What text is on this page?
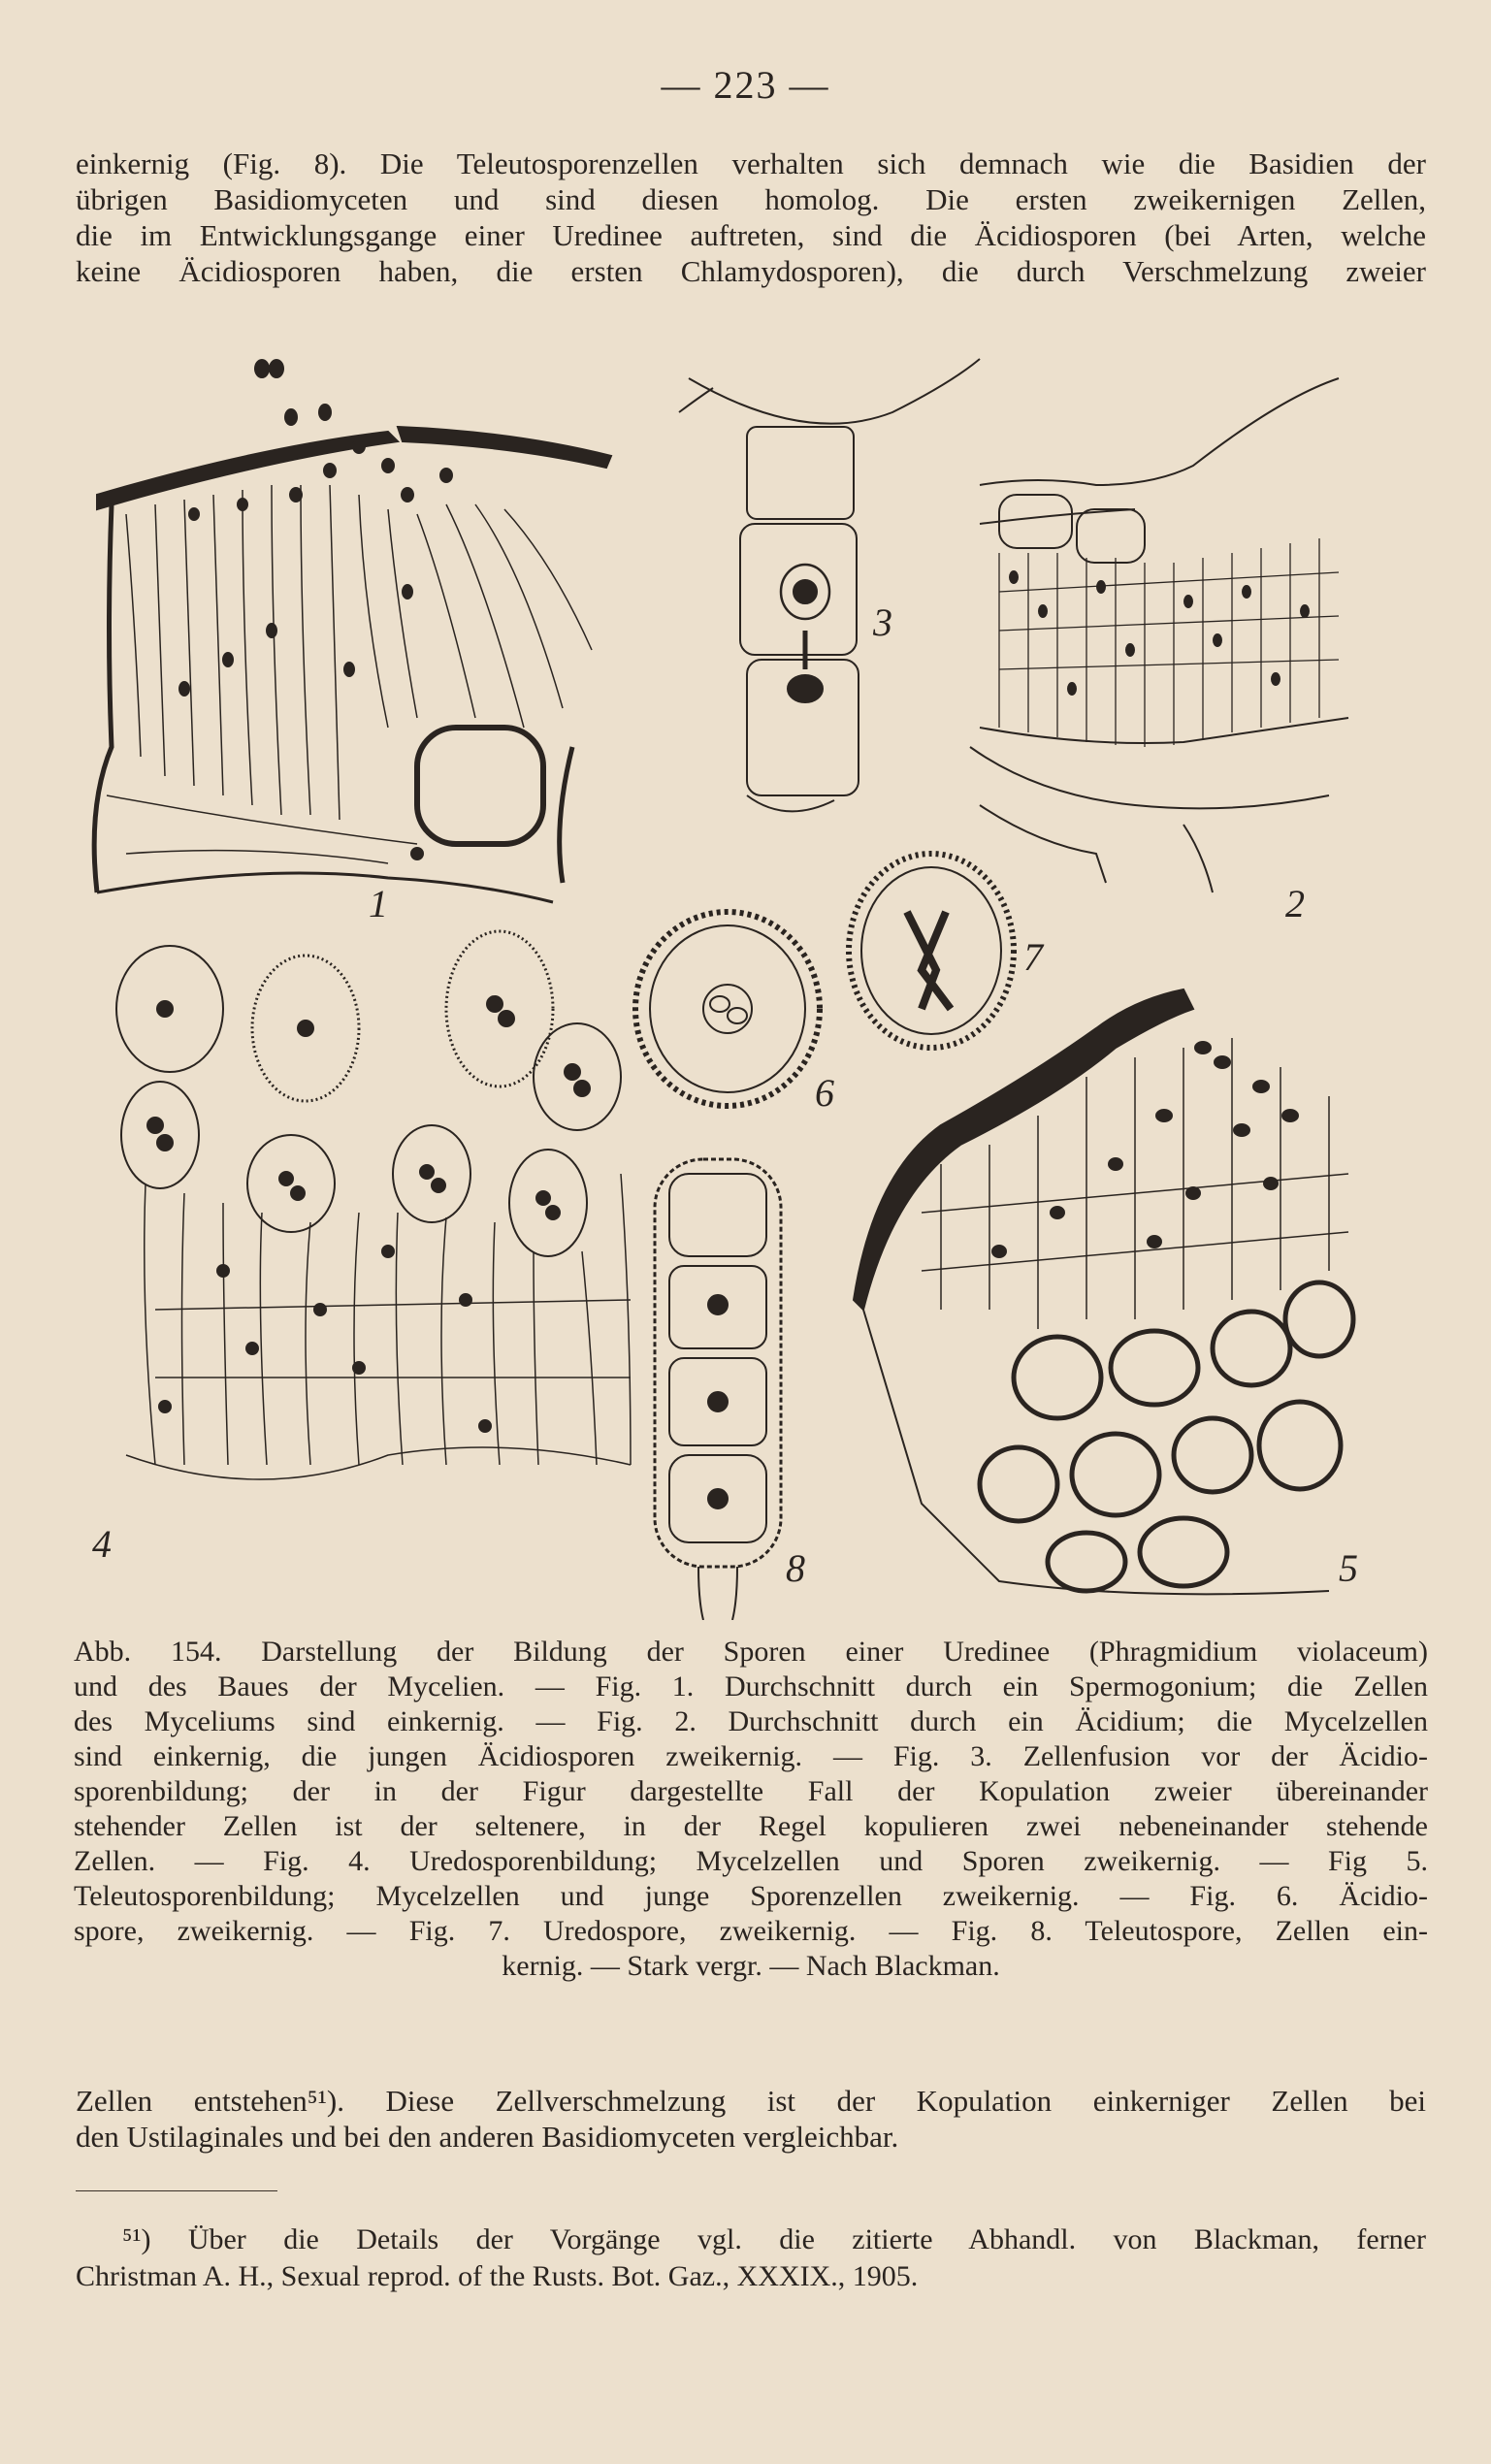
— 223 —
einkernig (Fig. 8). Die Teleutosporenzellen verhalten sich demnach wie die Basidien der
übrigen Basidiomyceten und sind diesen homolog. Die ersten zweikernigen Zellen,
die im Entwicklungsgange einer Uredinee auftreten, sind die Äcidiosporen (bei Arten, welche
keine Äcidiosporen haben, die ersten Chlamydosporen), die durch Verschmelzung zweier
1	2
3
4
5
6
7
8
Abb. 154. Darstellung der Bildung der Sporen einer Uredinee (Phragmidium violaceum)
und des Baues der Mycelien. — Fig. 1. Durchschnitt durch ein Spermogonium; die Zellen
des Myceliums sind einkernig. — Fig. 2. Durchschnitt durch ein Äcidium; die Mycelzellen
sind einkernig, die jungen Äcidiosporen zweikernig. — Fig. 3. Zellenfusion vor der Äcidio-
sporenbildung; der in der Figur dargestellte Fall der Kopulation zweier übereinander
stehender Zellen ist der seltenere, in der Regel kopulieren zwei nebeneinander stehende
Zellen. — Fig. 4. Uredosporenbildung; Mycelzellen und Sporen zweikernig. — Fig 5.
Teleutosporenbildung; Mycelzellen und junge Sporenzellen zweikernig. — Fig. 6. Äcidio-
spore, zweikernig. — Fig. 7. Uredospore, zweikernig. — Fig. 8. Teleutospore, Zellen ein-
kernig. — Stark vergr. — Nach Blackman.
Zellen entstehen⁵¹). Diese Zellverschmelzung ist der Kopulation einkerniger Zellen bei
den Ustilaginales und bei den anderen Basidiomyceten vergleichbar.
⁵¹) Über die Details der Vorgänge vgl. die zitierte Abhandl. von Blackman, ferner
Christman A. H., Sexual reprod. of the Rusts. Bot. Gaz., XXXIX., 1905.
